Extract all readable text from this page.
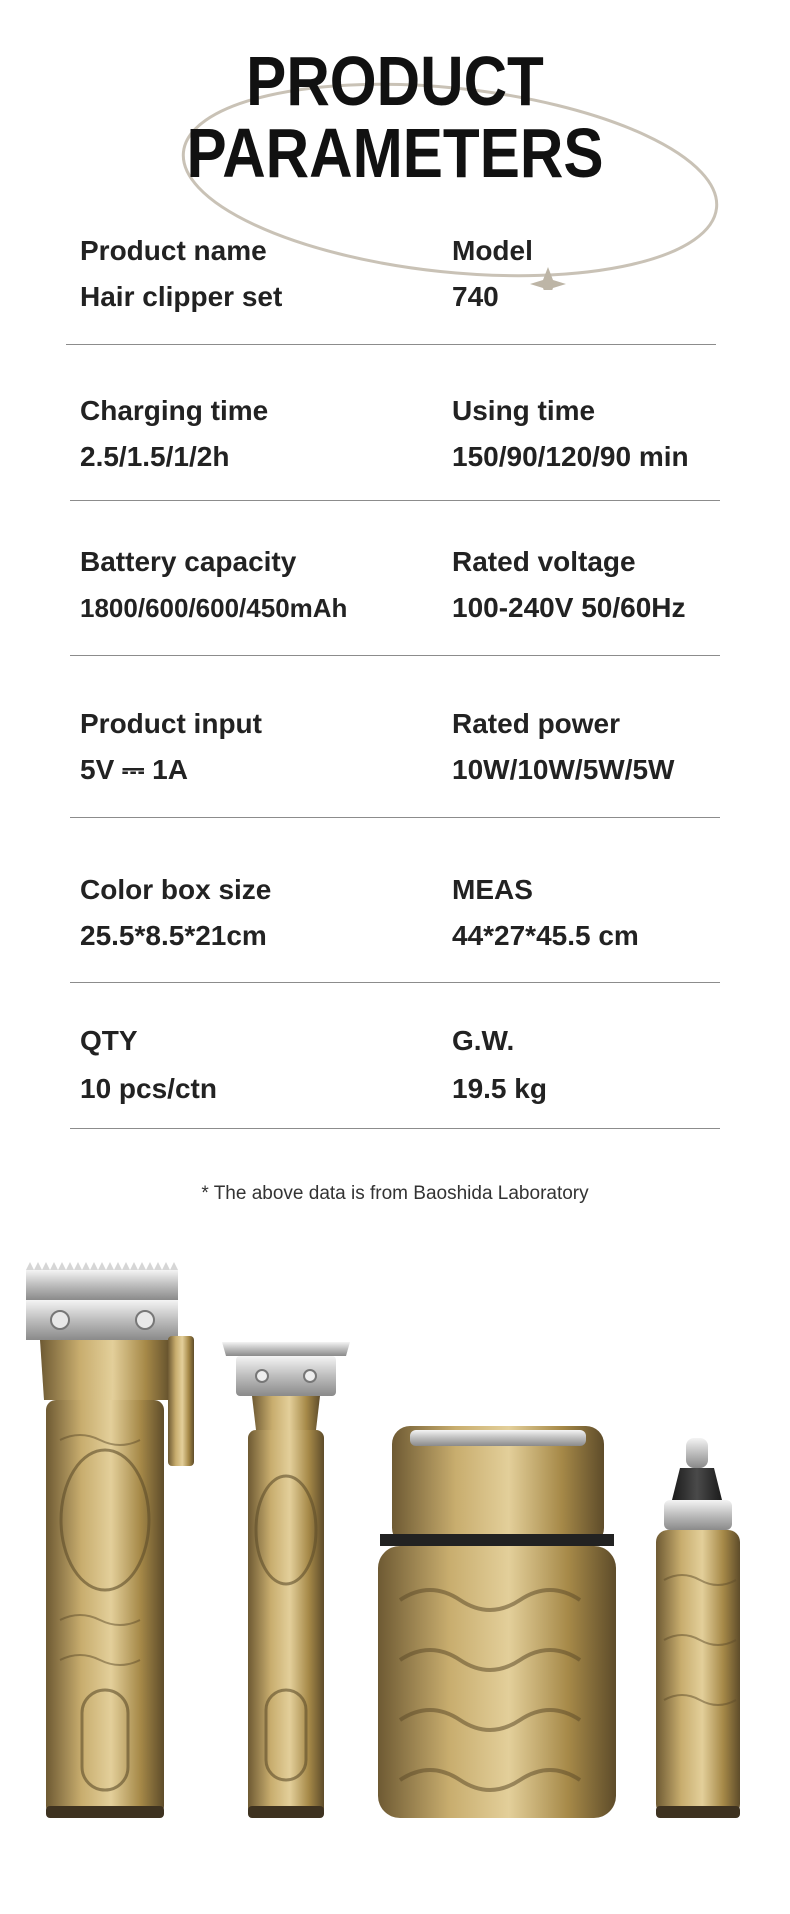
PRODUCT
PARAMETERS
Product name
Hair clipper set
Model
740
Charging time
2.5/1.5/1/2h
Using time
150/90/120/90 min
Battery capacity
1800/600/600/450mAh
Rated voltage
100-240V 50/60Hz
Product input
5V ⎓ 1A
Rated power
10W/10W/5W/5W
Color box size
25.5*8.5*21cm
MEAS
44*27*45.5 cm
QTY
10 pcs/ctn
G.W.
19.5 kg
* The above data is from Baoshida Laboratory
